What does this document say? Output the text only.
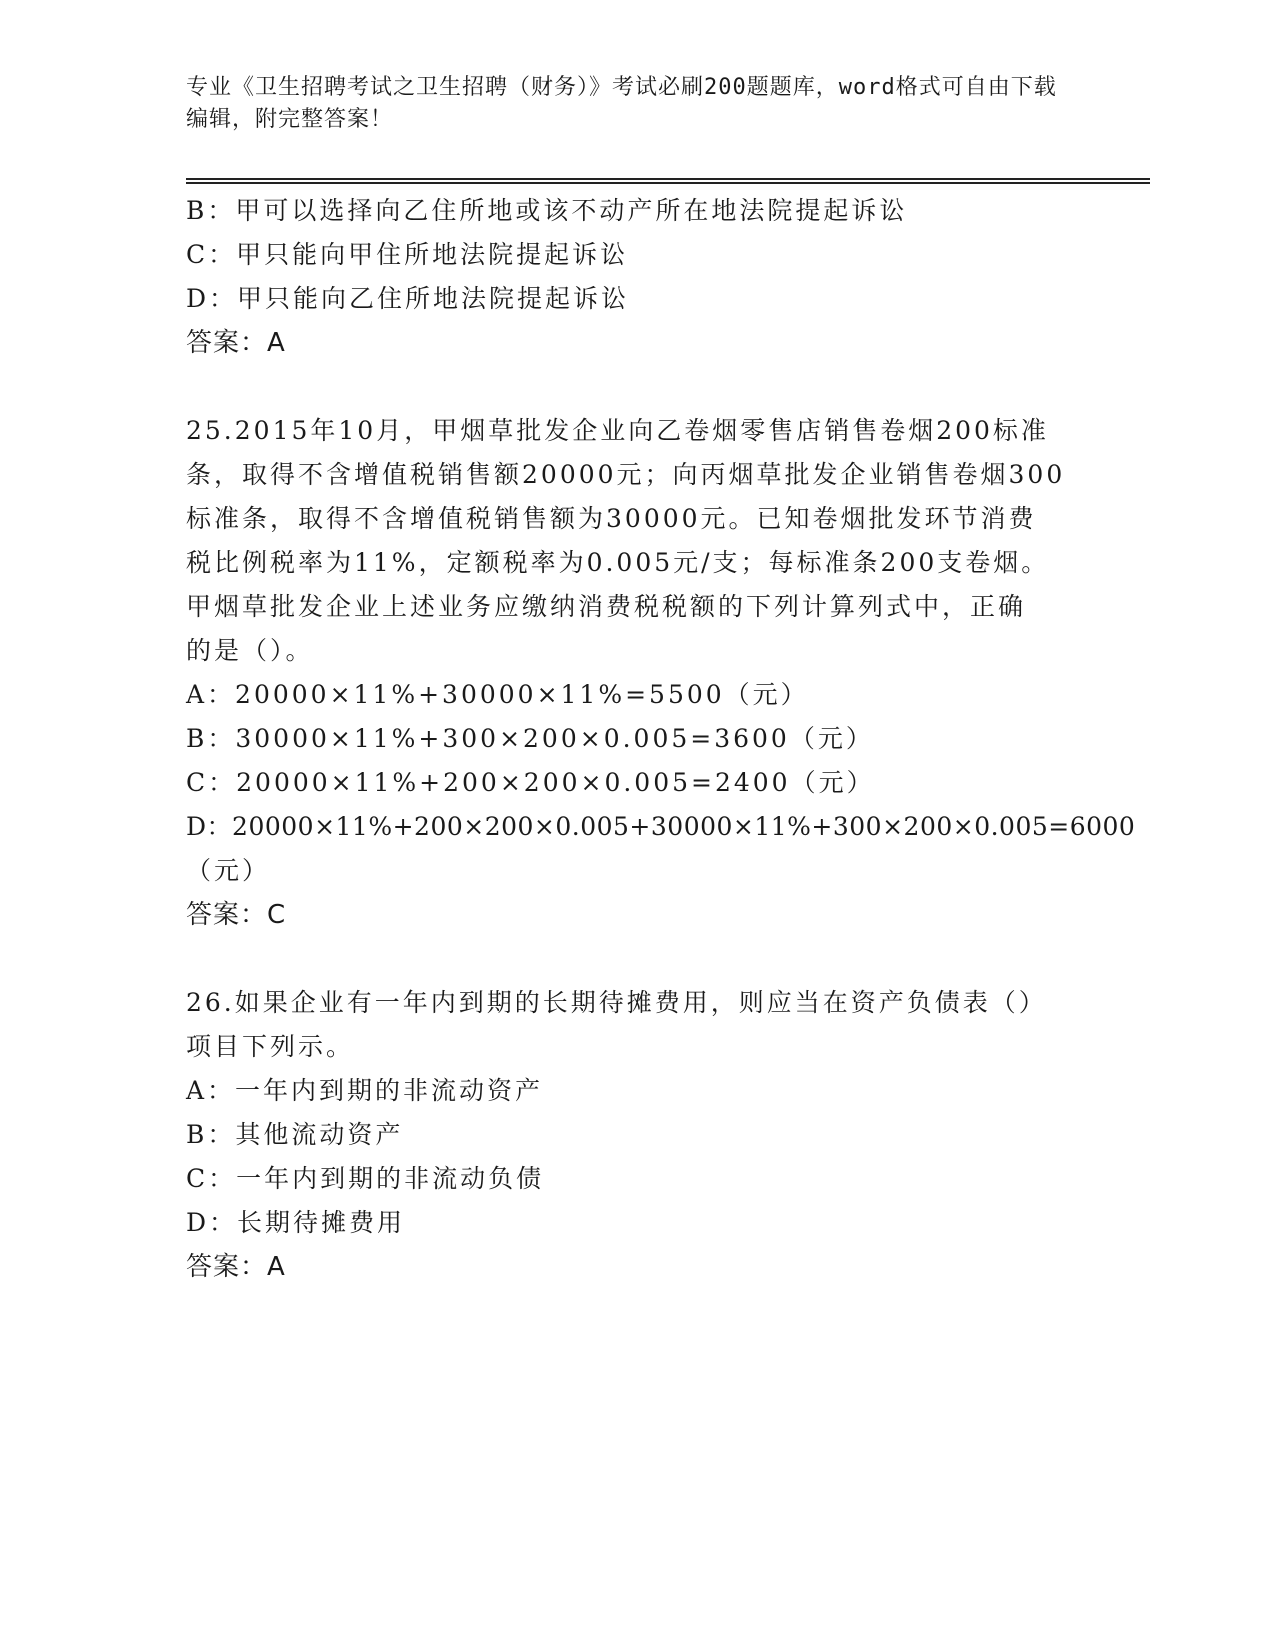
专业《卫生招聘考试之卫生招聘（财务）》考试必刷200题题库，word格式可自由下载编辑，附完整答案！
B：甲可以选择向乙住所地或该不动产所在地法院提起诉讼
C：甲只能向甲住所地法院提起诉讼
D：甲只能向乙住所地法院提起诉讼
答案：A
25.2015年10月，甲烟草批发企业向乙卷烟零售店销售卷烟200标准
条，取得不含增值税销售额20000元；向丙烟草批发企业销售卷烟300
标准条，取得不含增值税销售额为30000元。已知卷烟批发环节消费
税比例税率为11%，定额税率为0.005元/支；每标准条200支卷烟。
甲烟草批发企业上述业务应缴纳消费税税额的下列计算列式中，正确
的是（）。
A：20000×11%+30000×11%=5500（元）
B：30000×11%+300×200×0.005=3600（元）
C：20000×11%+200×200×0.005=2400（元）
D：20000×11%+200×200×0.005+30000×11%+300×200×0.005=6000
（元）
答案：C
26.如果企业有一年内到期的长期待摊费用，则应当在资产负债表（）
项目下列示。
A：一年内到期的非流动资产
B：其他流动资产
C：一年内到期的非流动负债
D：长期待摊费用
答案：A
